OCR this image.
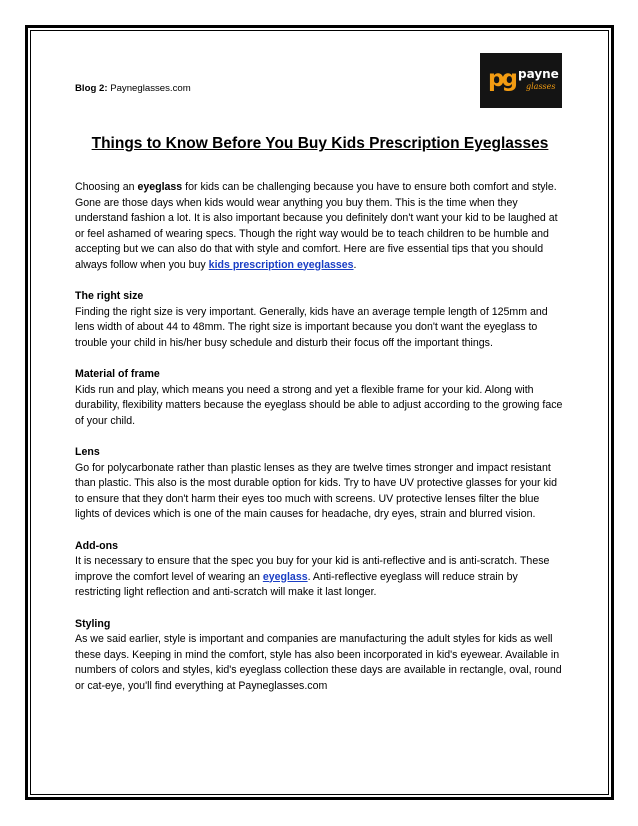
Blog 2: Payneglasses.com	pg payne
glasses
Things to Know Before You Buy Kids Prescription Eyeglasses

Choosing an eyeglass for kids can be challenging because you have to ensure both comfort and style. Gone are those days when kids would wear anything you buy them. This is the time when they understand fashion a lot. It is also important because you definitely don't want your kid to be laughed at or feel ashamed of wearing specs. Though the right way would be to teach children to be humble and accepting but we can also do that with style and comfort. Here are five essential tips that you should always follow when you buy kids prescription eyeglasses.

The right size
Finding the right size is very important. Generally, kids have an average temple length of 125mm and lens width of about 44 to 48mm. The right size is important because you don't want the eyeglass to trouble your child in his/her busy schedule and disturb their focus off the important things.
Material of frame
Kids run and play, which means you need a strong and yet a flexible frame for your kid. Along with durability, flexibility matters because the eyeglass should be able to adjust according to the growing face of your child.
Lens
Go for polycarbonate rather than plastic lenses as they are twelve times stronger and impact resistant than plastic. This also is the most durable option for kids. Try to have UV protective glasses for your kid to ensure that they don't harm their eyes too much with screens. UV protective lenses filter the blue lights of devices which is one of the main causes for headache, dry eyes, strain and blurred vision.
Add-ons
It is necessary to ensure that the spec you buy for your kid is anti-reflective and is anti-scratch. These improve the comfort level of wearing an eyeglass. Anti-reflective eyeglass will reduce strain by restricting light reflection and anti-scratch will make it last longer.
Styling
As we said earlier, style is important and companies are manufacturing the adult styles for kids as well these days. Keeping in mind the comfort, style has also been incorporated in kid's eyewear. Available in numbers of colors and styles, kid's eyeglass collection these days are available in rectangle, oval, round or cat-eye, you'll find everything at Payneglasses.com
